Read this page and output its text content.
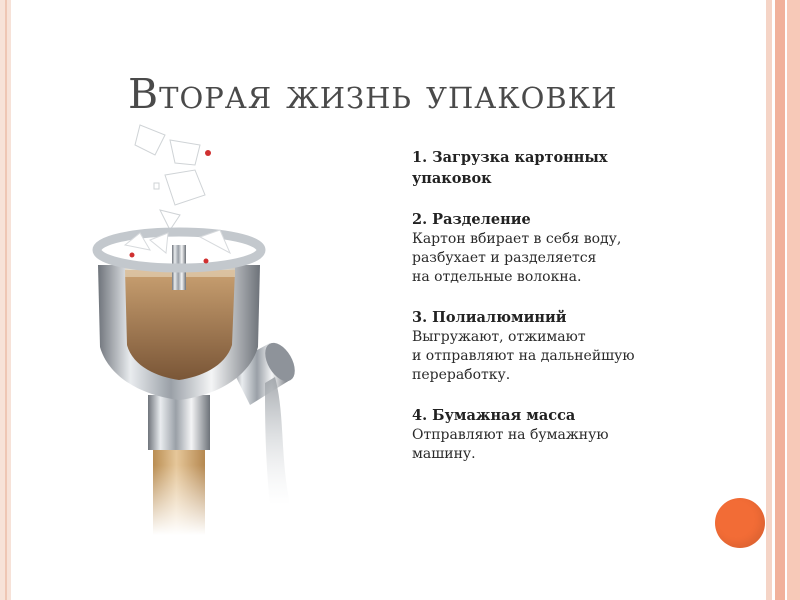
Вторая жизнь упаковки
1. Загрузка картонных упаковок
2. Разделение
Картон вбирает в себя воду,
разбухает и разделяется
на отдельные волокна.
3. Полиалюминий
Выгружают, отжимают
и отправляют на дальнейшую
переработку.
4. Бумажная масса
Отправляют на бумажную
машину.
